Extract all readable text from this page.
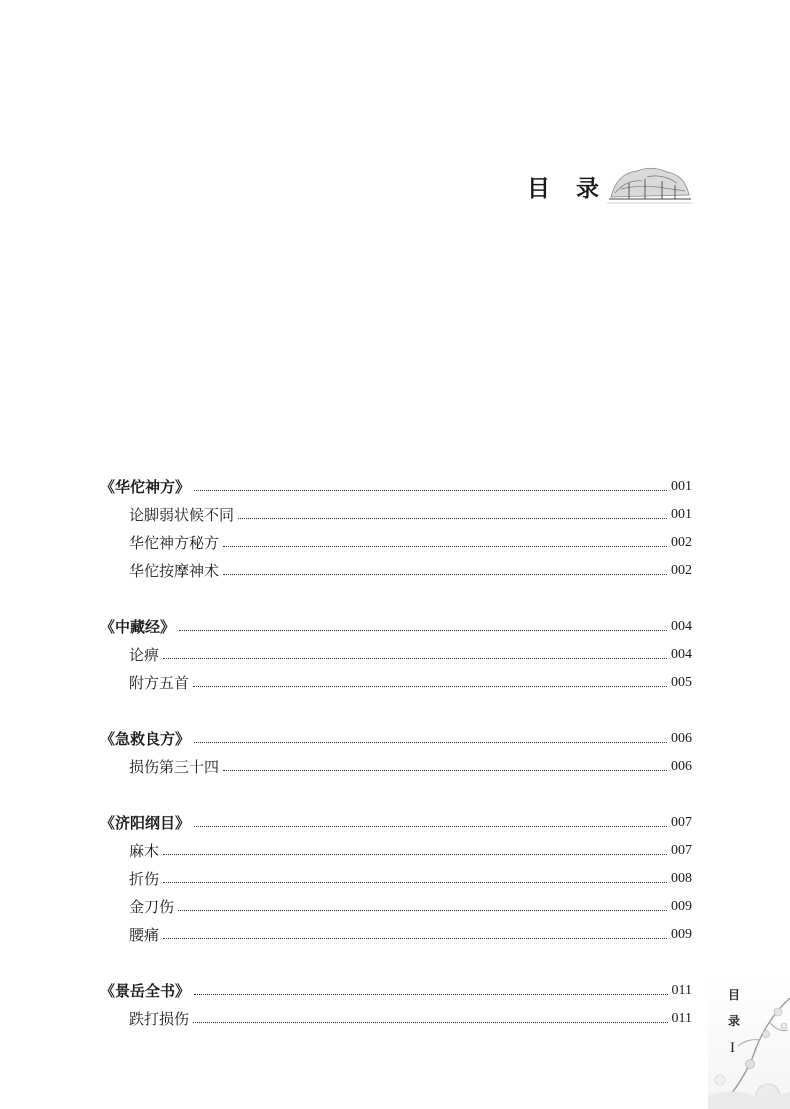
目 录
《华佗神方》	001
论脚弱状候不同	001
华佗神方秘方	002
华佗按摩神术	002
《中藏经》	004
论痹	004
附方五首	005
《急救良方》	006
损伤第三十四	006
《济阳纲目》	007
麻木	007
折伤	008
金刀伤	009
腰痛	009
《景岳全书》	011
跌打损伤	011
目
录
I
